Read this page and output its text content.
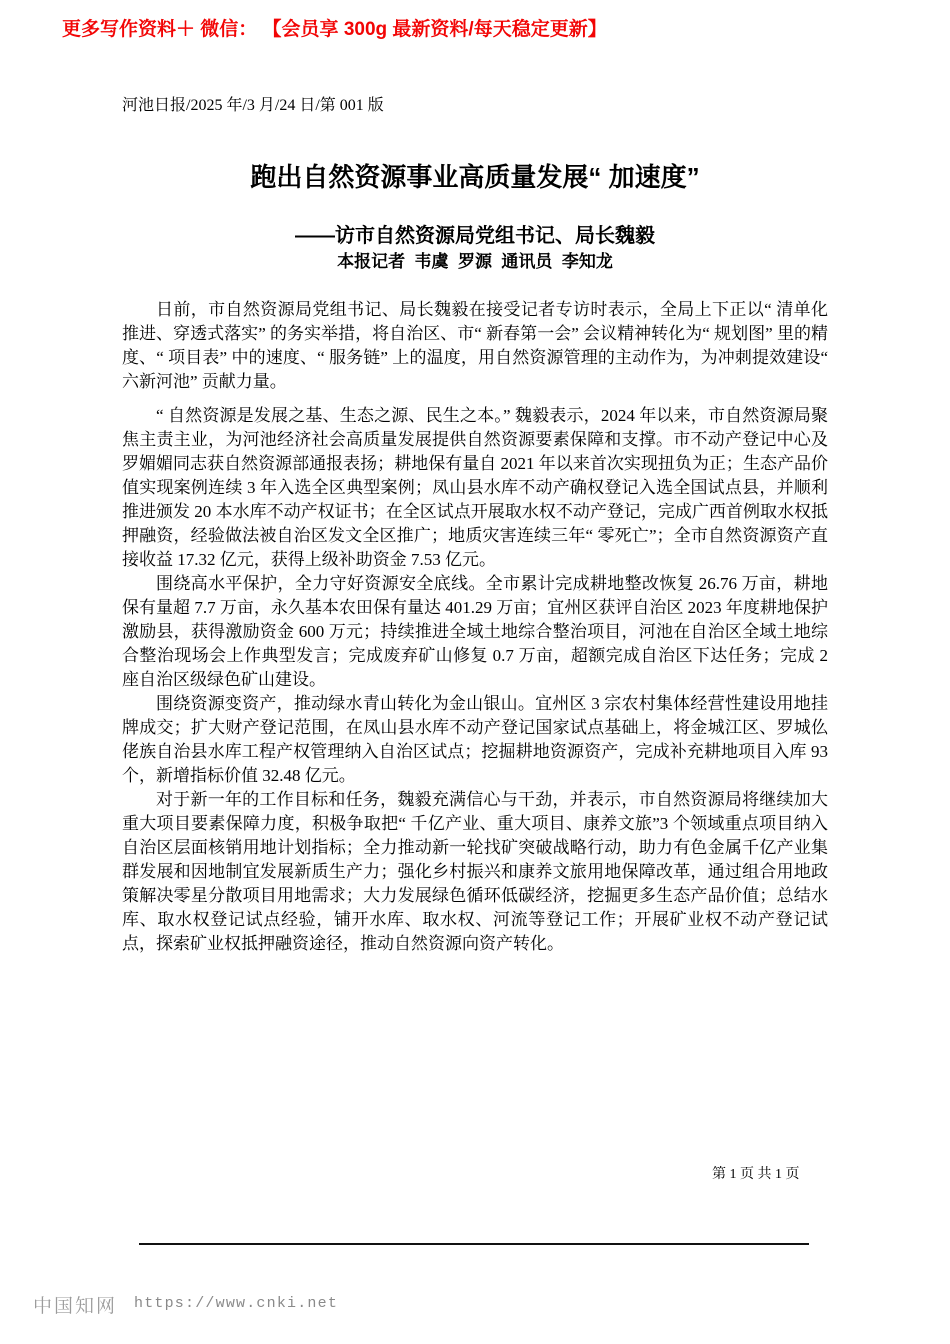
更多写作资料＋ 微信： 【会员享 300g 最新资料/每天稳定更新】
河池日报/2025 年/3 月/24 日/第 001 版
跑出自然资源事业高质量发展“ 加速度”
——访市自然资源局党组书记、局长魏毅
本报记者  韦虞  罗源  通讯员  李知龙

日前，市自然资源局党组书记、局长魏毅在接受记者专访时表示，全局上下正以“ 清单化推进、穿透式落实” 的务实举措，将自治区、市“ 新春第一会” 会议精神转化为“ 规划图” 里的精度、“ 项目表” 中的速度、“ 服务链” 上的温度，用自然资源管理的主动作为，为冲刺提效建设“ 六新河池” 贡献力量。

“ 自然资源是发展之基、生态之源、民生之本。” 魏毅表示，2024 年以来，市自然资源局聚焦主责主业，为河池经济社会高质量发展提供自然资源要素保障和支撑。市不动产登记中心及罗媚媚同志获自然资源部通报表扬；耕地保有量自 2021 年以来首次实现扭负为正；生态产品价值实现案例连续 3 年入选全区典型案例；凤山县水库不动产确权登记入选全国试点县，并顺利推进颁发 20 本水库不动产权证书；在全区试点开展取水权不动产登记，完成广西首例取水权抵押融资，经验做法被自治区发文全区推广；地质灾害连续三年“ 零死亡”；全市自然资源资产直接收益 17.32 亿元，获得上级补助资金 7.53 亿元。

围绕高水平保护，全力守好资源安全底线。全市累计完成耕地整改恢复 26.76 万亩，耕地保有量超 7.7 万亩，永久基本农田保有量达 401.29 万亩；宜州区获评自治区 2023 年度耕地保护激励县，获得激励资金 600 万元；持续推进全域土地综合整治项目，河池在自治区全域土地综合整治现场会上作典型发言；完成废弃矿山修复 0.7 万亩，超额完成自治区下达任务；完成 2 座自治区级绿色矿山建设。

围绕资源变资产，推动绿水青山转化为金山银山。宜州区 3 宗农村集体经营性建设用地挂牌成交；扩大财产登记范围，在凤山县水库不动产登记国家试点基础上，将金城江区、罗城仫佬族自治县水库工程产权管理纳入自治区试点；挖掘耕地资源资产，完成补充耕地项目入库 93 个，新增指标价值 32.48 亿元。

对于新一年的工作目标和任务，魏毅充满信心与干劲，并表示，市自然资源局将继续加大重大项目要素保障力度，积极争取把“ 千亿产业、重大项目、康养文旅”3 个领域重点项目纳入自治区层面核销用地计划指标；全力推动新一轮找矿突破战略行动，助力有色金属千亿产业集群发展和因地制宜发展新质生产力；强化乡村振兴和康养文旅用地保障改革，通过组合用地政策解决零星分散项目用地需求；大力发展绿色循环低碳经济，挖掘更多生态产品价值；总结水库、取水权登记试点经验，铺开水库、取水权、河流等登记工作；开展矿业权不动产登记试点，探索矿业权抵押融资途径，推动自然资源向资产转化。

第 1 页 共 1 页
中国知网 https://www.cnki.net
